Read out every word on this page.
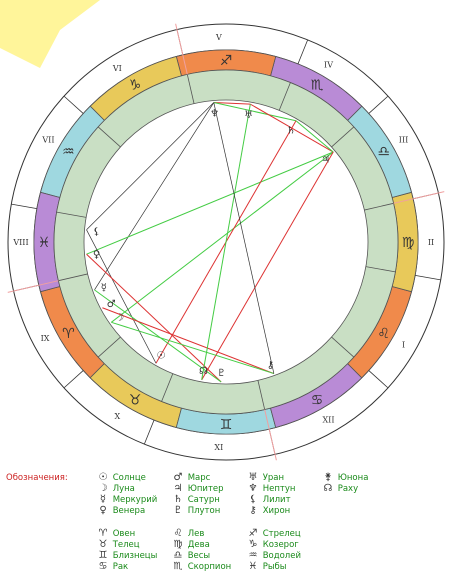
♈
♉
♊
♋
♌
♍
♎
♏
♐
♑
♒
♓
♆ ♅
♄
♃
⚸
♀
☿
♂
☽
☉
☊ ♇
⚷
I
II
III
IV
V
VI
VII
VIII
IX
X
XI
XII
Обозначения:	☉ Солнце
☽ Луна
☿ Меркурий
♀ Венера
♂ Марс
♃ Юпитер
♄ Сатурн
♇ Плутон
♅ Уран
♆ Нептун
⚸ Лилит
⚷ Хирон
⚵ Юнона
☊ Раху
♈ Овен
♉ Телец
♊ Близнецы
♋ Рак
♌ Лев
♍ Дева
♎ Весы
♏ Скорпион
♐ Стрелец
♑ Козерог
♒ Водолей
♓ Рыбы
